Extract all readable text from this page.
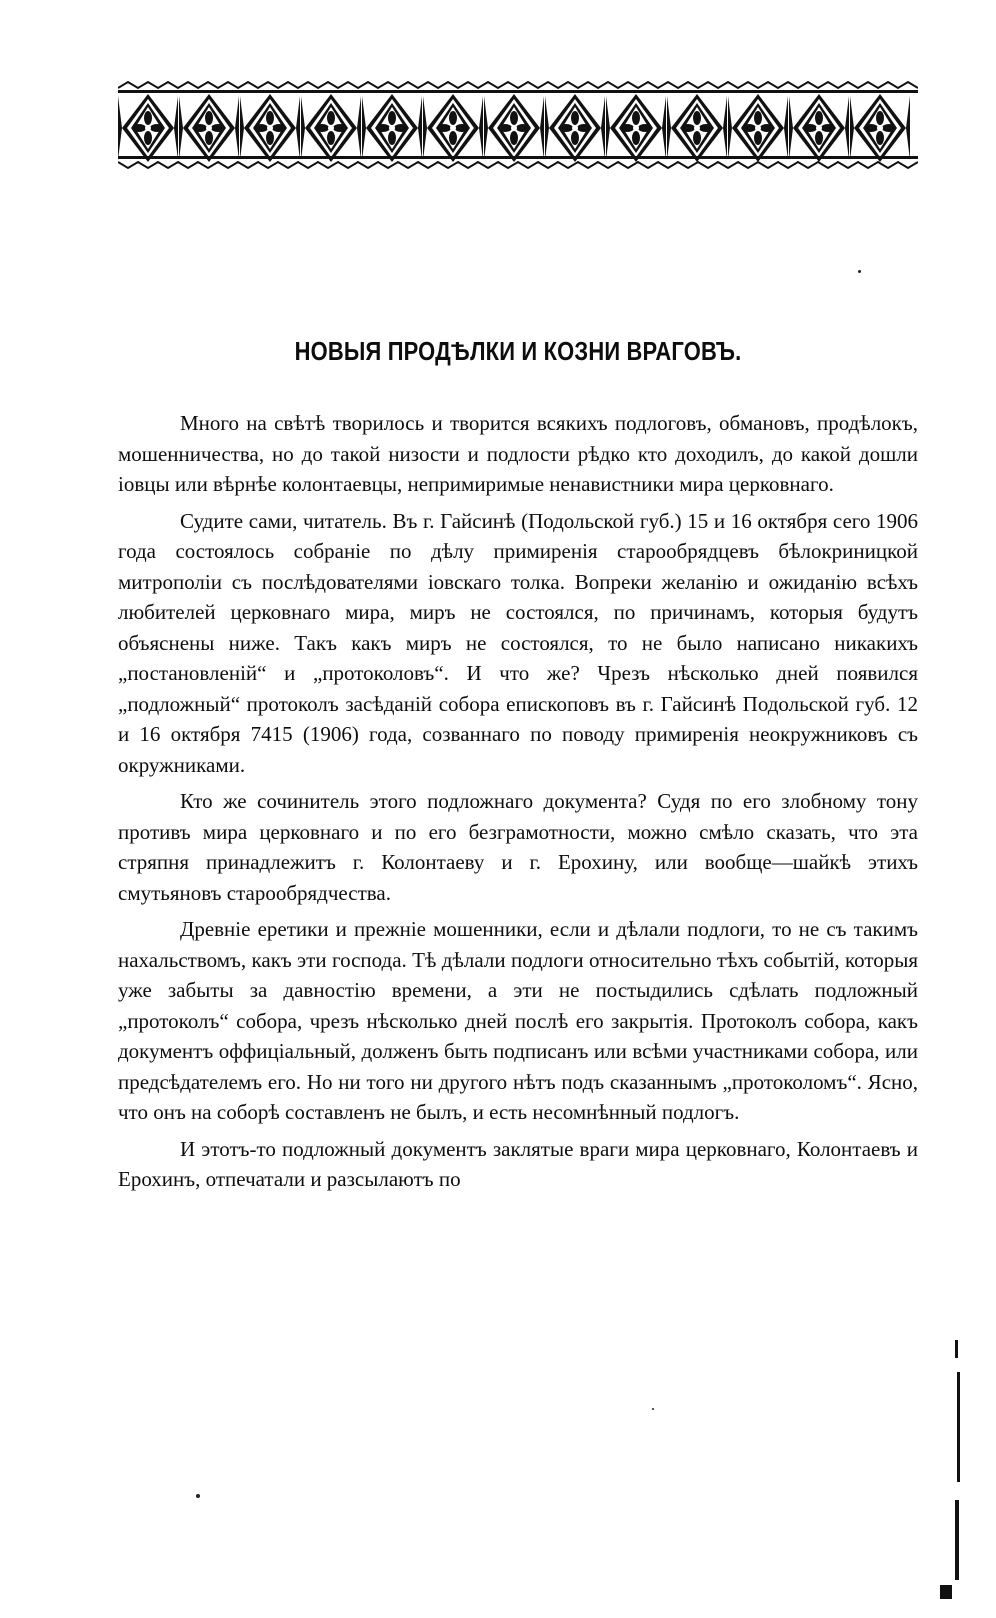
НОВЫЯ ПРОДѢЛКИ И КОЗНИ ВРАГОВЪ.

Много на свѣтѣ творилось и творится всякихъ подлоговъ, обмановъ, продѣлокъ, мошенничества, но до такой низости и подлости рѣдко кто доходилъ, до какой дошли iовцы или вѣрнѣе колонтаевцы, непримиримые ненавистники мира церковнаго.

Судите сами, читатель. Въ г. Гайсинѣ (Подольской губ.) 15 и 16 октября сего 1906 года состоялось собранiе по дѣлу примиренiя старообрядцевъ бѣлокриницкой митрополiи съ послѣдователями iовскаго толка. Вопреки желанiю и ожиданiю всѣхъ любителей церковнаго мира, миръ не состоялся, по причинамъ, которыя будутъ объяснены ниже. Такъ какъ миръ не состоялся, то не было написано никакихъ „постановленiй“ и „протоколовъ“. И что же? Чрезъ нѣсколько дней появился „подложный“ протоколъ засѣданiй собора епископовъ въ г. Гайсинѣ Подольской губ. 12 и 16 октября 7415 (1906) года, созваннаго по поводу примиренiя неокружниковъ съ окружниками.

Кто же сочинитель этого подложнаго документа? Судя по его злобному тону противъ мира церковнаго и по его безграмотности, можно смѣло сказать, что эта стряпня принадлежитъ г. Колонтаеву и г. Ерохину, или вообще—шайкѣ этихъ смутьяновъ старообрядчества.

Древнiе еретики и прежнiе мошенники, если и дѣлали подлоги, то не съ такимъ нахальствомъ, какъ эти господа. Тѣ дѣлали подлоги относительно тѣхъ событiй, которыя уже забыты за давностiю времени, а эти не постыдились сдѣлать подложный „протоколъ“ собора, чрезъ нѣсколько дней послѣ его закрытiя. Протоколъ собора, какъ документъ оффицiальный, долженъ быть подписанъ или всѣми участниками собора, или предсѣдателемъ его. Но ни того ни другого нѣтъ подъ сказаннымъ „протоколомъ“. Ясно, что онъ на соборѣ составленъ не былъ, и есть несомнѣнный подлогъ.

И этотъ-то подложный документъ заклятые враги мира церковнаго, Колонтаевъ и Ерохинъ, отпечатали и разсылаютъ по
